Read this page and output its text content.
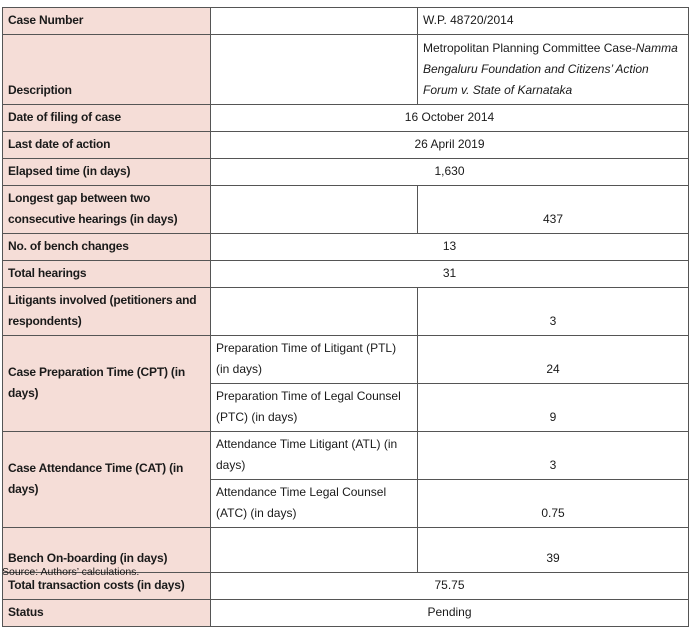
Case Number		W.P. 48720/2014
Description		Metropolitan Planning Committee Case-Namma Bengaluru Foundation and Citizens’ Action Forum v. State of Karnataka
Date of filing of case	16 October 2014	
Last date of action	26 April 2019	
Elapsed time (in days)	1,630	
Longest gap between two consecutive hearings (in days)		437
No. of bench changes	13	
Total hearings	31	
Litigants involved (petitioners and respondents)		3
Case Preparation Time (CPT) (in days)	Preparation Time of Litigant (PTL) (in days)	24
	Preparation Time of Legal Counsel (PTC) (in days)	9
Case Attendance Time (CAT) (in days)	Attendance Time Litigant (ATL) (in days)	3
	Attendance Time Legal Counsel (ATC) (in days)	0.75
Bench On-boarding (in days)		39
Total transaction costs (in days)	75.75	
Status	Pending	
Source: Authors’ calculations.
